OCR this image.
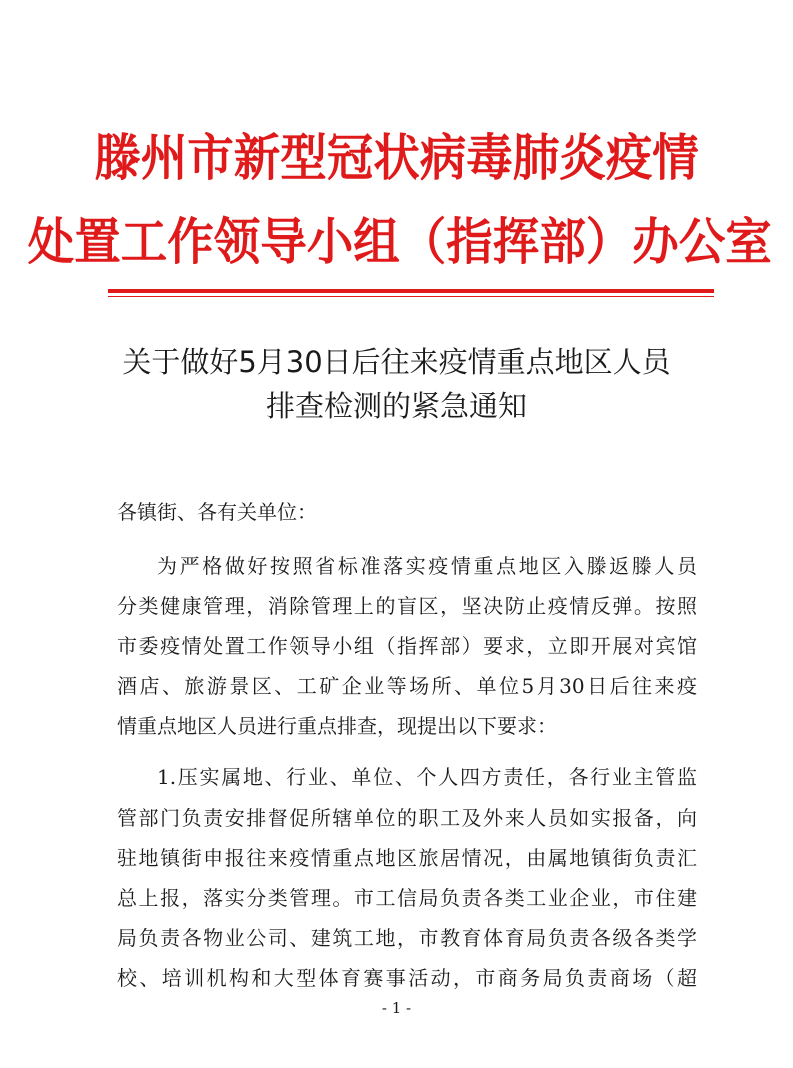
滕州市新型冠状病毒肺炎疫情
处置工作领导小组（指挥部）办公室
关于做好5月30日后往来疫情重点地区人员
排查检测的紧急通知
各镇街、各有关单位：
为严格做好按照省标准落实疫情重点地区入滕返滕人员
分类健康管理，消除管理上的盲区，坚决防止疫情反弹。按照
市委疫情处置工作领导小组（指挥部）要求，立即开展对宾馆
酒店、旅游景区、工矿企业等场所、单位5月30日后往来疫
情重点地区人员进行重点排查，现提出以下要求：
1.压实属地、行业、单位、个人四方责任，各行业主管监
管部门负责安排督促所辖单位的职工及外来人员如实报备，向
驻地镇街申报往来疫情重点地区旅居情况，由属地镇街负责汇
总上报，落实分类管理。市工信局负责各类工业企业，市住建
局负责各物业公司、建筑工地，市教育体育局负责各级各类学
校、培训机构和大型体育赛事活动，市商务局负责商场（超
- 1 -
